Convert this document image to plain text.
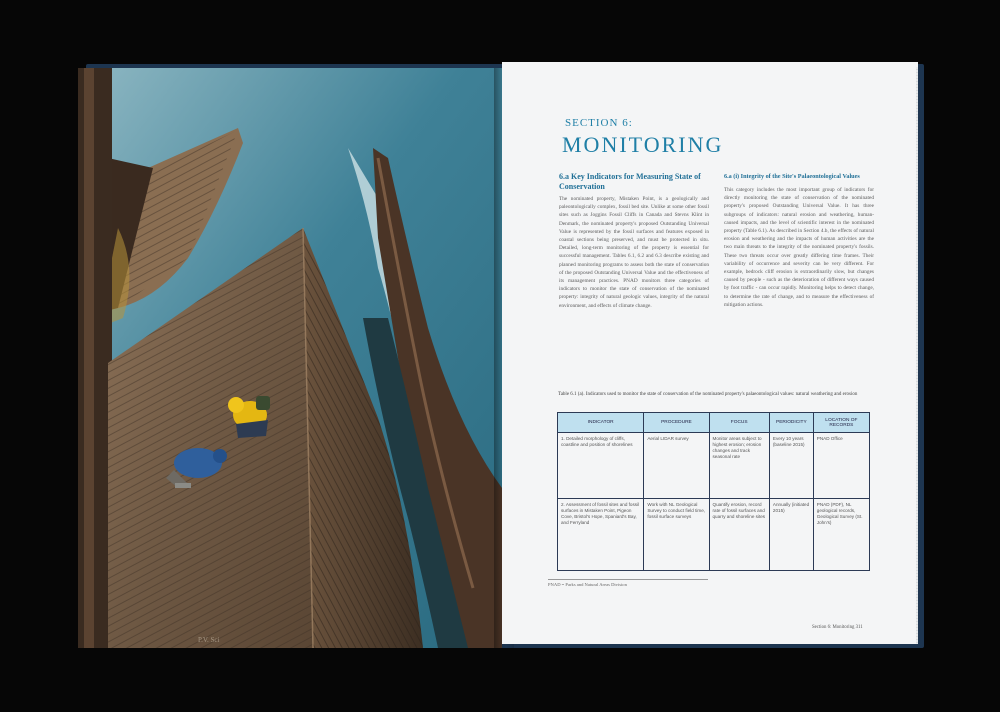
P.V. Sci
SECTION 6:
MONITORING
6.a Key Indicators for Measuring State of Conservation
The nominated property, Mistaken Point, is a geologically and paleontologically complex, fossil bed site. Unlike at some other fossil sites such as Joggins Fossil Cliffs in Canada and Stevns Klint in Denmark, the nominated property's proposed Outstanding Universal Value is represented by the fossil surfaces and features exposed in coastal sections being preserved, and must be protected in situ. Detailed, long-term monitoring of the property is essential for successful management. Tables 6.1, 6.2 and 6.3 describe existing and planned monitoring programs to assess both the state of conservation of the proposed Outstanding Universal Value and the effectiveness of its management practices. PNAD monitors three categories of indicators to monitor the state of conservation of the nominated property: integrity of natural geologic values, integrity of the natural environment, and effects of climate change.
6.a (i) Integrity of the Site's Palaeontological Values
This category includes the most important group of indicators for directly monitoring the state of conservation of the nominated property's proposed Outstanding Universal Value. It has three subgroups of indicators: natural erosion and weathering, human-caused impacts, and the level of scientific interest in the nominated property (Table 6.1). As described in Section 4.b, the effects of natural erosion and weathering and the impacts of human activities are the two main threats to the integrity of the nominated property's fossils. These two threats occur over greatly differing time frames. Their variability of occurrence and severity can be very different. For example, bedrock cliff erosion is extraordinarily slow, but changes caused by people - such as the deterioration of different ways caused by foot traffic - can occur rapidly. Monitoring helps to detect change, to determine the rate of change, and to measure the effectiveness of mitigation actions.
Table 6.1 (a). Indicators used to monitor the state of conservation of the nominated property's palaeontological values: natural weathering and erosion
INDICATOR	PROCEDURE	FOCUS	PERIODICITY	LOCATION OF RECORDS
1. Detailed morphology of cliffs, coastline and position of shorelines	Aerial LIDAR survey	Monitor areas subject to highest erosion; erosion changes and track seasonal rate	Every 10 years (baseline 2015)	PNAD Office
2. Assessment of fossil sites and fossil surfaces in Mistaken Point, Pigeon Cove, Bristol's Hope, Spaniard's Bay, and Ferryland	Work with NL Geological Survey to conduct field time, fossil surface surveys	Quantify erosion, record rate of fossil surfaces and quarry and shoreline sites	Annually (initiated 2015)	PNAD (PDF), NL geological records, Geological Survey (St. John's)
PNAD = Parks and Natural Areas Division
Section 6: Monitoring 311
